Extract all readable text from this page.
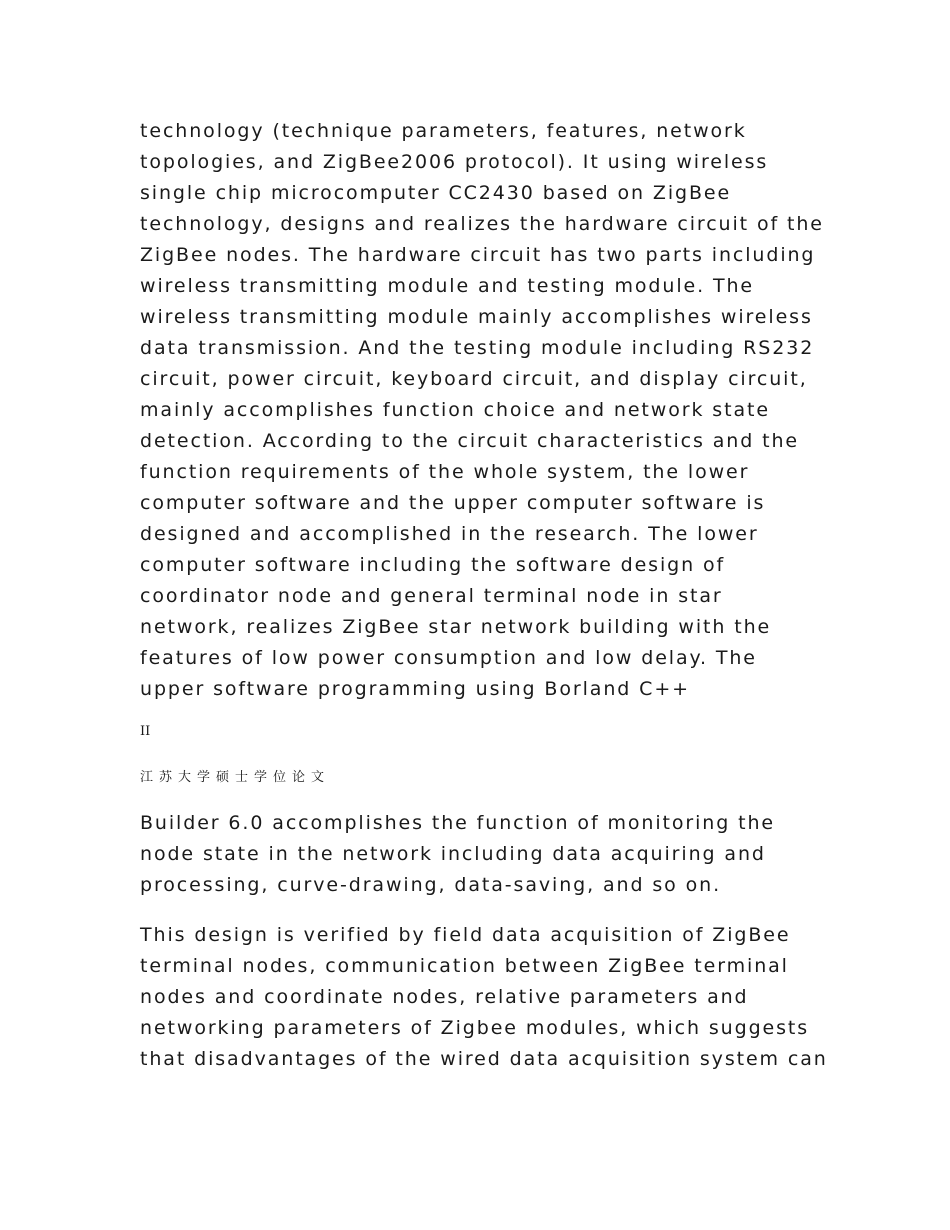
technology (technique parameters, features, network
topologies, and ZigBee2006 protocol). It using wireless
single chip microcomputer CC2430 based on ZigBee
technology, designs and realizes the hardware circuit of the
ZigBee nodes. The hardware circuit has two parts including
wireless transmitting module and testing module. The
wireless transmitting module mainly accomplishes wireless
data transmission. And the testing module including RS232
circuit, power circuit, keyboard circuit, and display circuit,
mainly accomplishes function choice and network state
detection. According to the circuit characteristics and the
function requirements of the whole system, the lower
computer software and the upper computer software is
designed and accomplished in the research. The lower
computer software including the software design of
coordinator node and general terminal node in star
network, realizes ZigBee star network building with the
features of low power consumption and low delay. The
upper software programming using Borland C++

II
江苏大学硕士学位论文

Builder 6.0 accomplishes the function of monitoring the
node state in the network including data acquiring and
processing, curve-drawing, data-saving, and so on.

This design is verified by field data acquisition of ZigBee
terminal nodes, communication between ZigBee terminal
nodes and coordinate nodes, relative parameters and
networking parameters of Zigbee modules, which suggests
that disadvantages of the wired data acquisition system can
